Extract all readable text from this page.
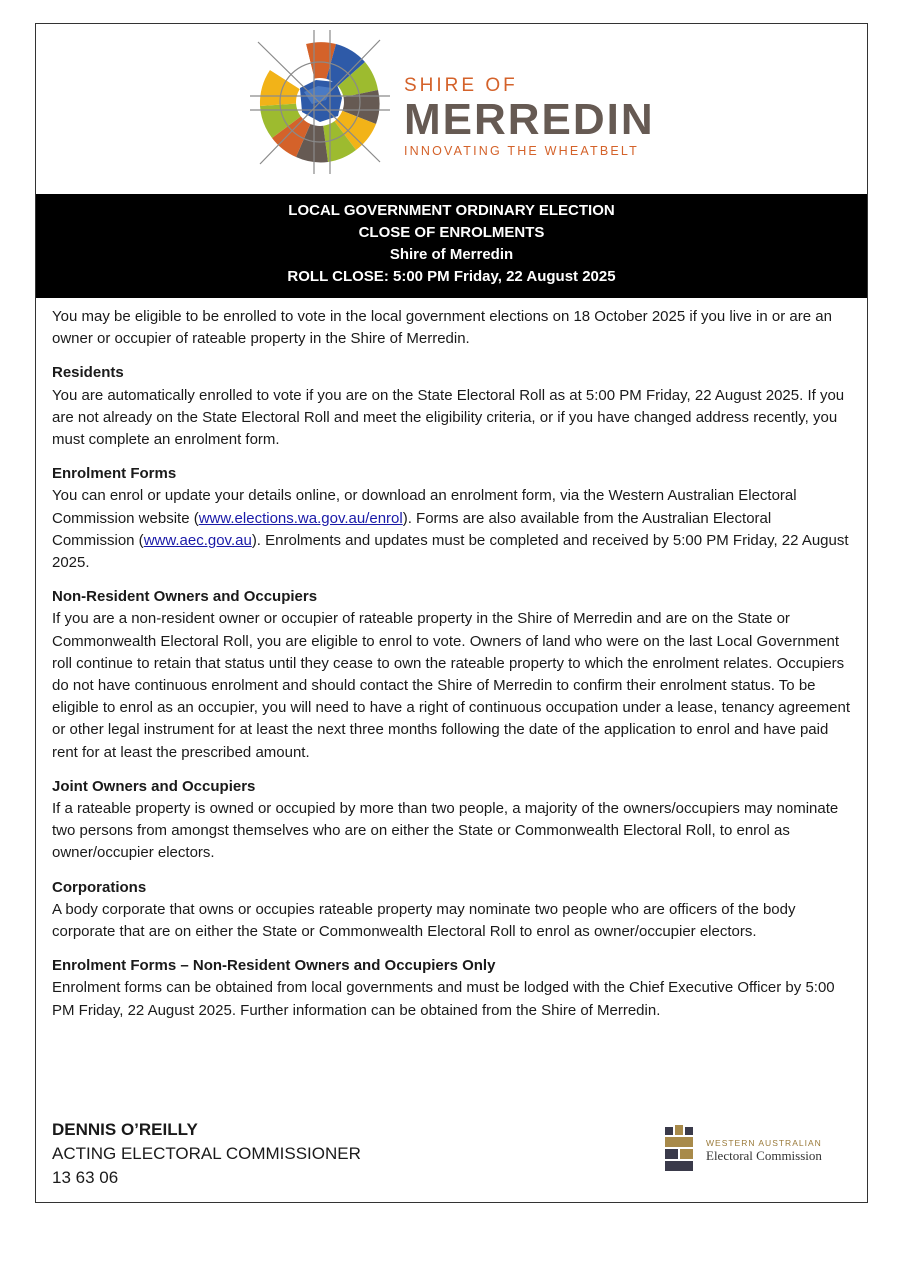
SHIRE OF
MERREDIN
INNOVATING THE WHEATBELT
LOCAL GOVERNMENT ORDINARY ELECTION
CLOSE OF ENROLMENTS
Shire of Merredin
ROLL CLOSE: 5:00 PM Friday, 22 August 2025

You may be eligible to be enrolled to vote in the local government elections on 18 October 2025 if you live in or are an owner or occupier of rateable property in the Shire of Merredin.

Residents

You are automatically enrolled to vote if you are on the State Electoral Roll as at 5:00 PM Friday, 22 August 2025. If you are not already on the State Electoral Roll and meet the eligibility criteria, or if you have changed address recently, you must complete an enrolment form.

Enrolment Forms

You can enrol or update your details online, or download an enrolment form, via the Western Australian Electoral Commission website (www.elections.wa.gov.au/enrol). Forms are also available from the Australian Electoral Commission (www.aec.gov.au). Enrolments and updates must be completed and received by 5:00 PM Friday, 22 August 2025.

Non-Resident Owners and Occupiers

If you are a non-resident owner or occupier of rateable property in the Shire of Merredin and are on the State or Commonwealth Electoral Roll, you are eligible to enrol to vote. Owners of land who were on the last Local Government roll continue to retain that status until they cease to own the rateable property to which the enrolment relates. Occupiers do not have continuous enrolment and should contact the Shire of Merredin to confirm their enrolment status. To be eligible to enrol as an occupier, you will need to have a right of continuous occupation under a lease, tenancy agreement or other legal instrument for at least the next three months following the date of the application to enrol and have paid rent for at least the prescribed amount.

Joint Owners and Occupiers

If a rateable property is owned or occupied by more than two people, a majority of the owners/occupiers may nominate two persons from amongst themselves who are on either the State or Commonwealth Electoral Roll, to enrol as owner/occupier electors.

Corporations

A body corporate that owns or occupies rateable property may nominate two people who are officers of the body corporate that are on either the State or Commonwealth Electoral Roll to enrol as owner/occupier electors.

Enrolment Forms – Non-Resident Owners and Occupiers Only

Enrolment forms can be obtained from local governments and must be lodged with the Chief Executive Officer by 5:00 PM Friday, 22 August 2025. Further information can be obtained from the Shire of Merredin.

DENNIS O’REILLY
ACTING ELECTORAL COMMISSIONER
13 63 06
WESTERN AUSTRALIAN
Electoral Commission
